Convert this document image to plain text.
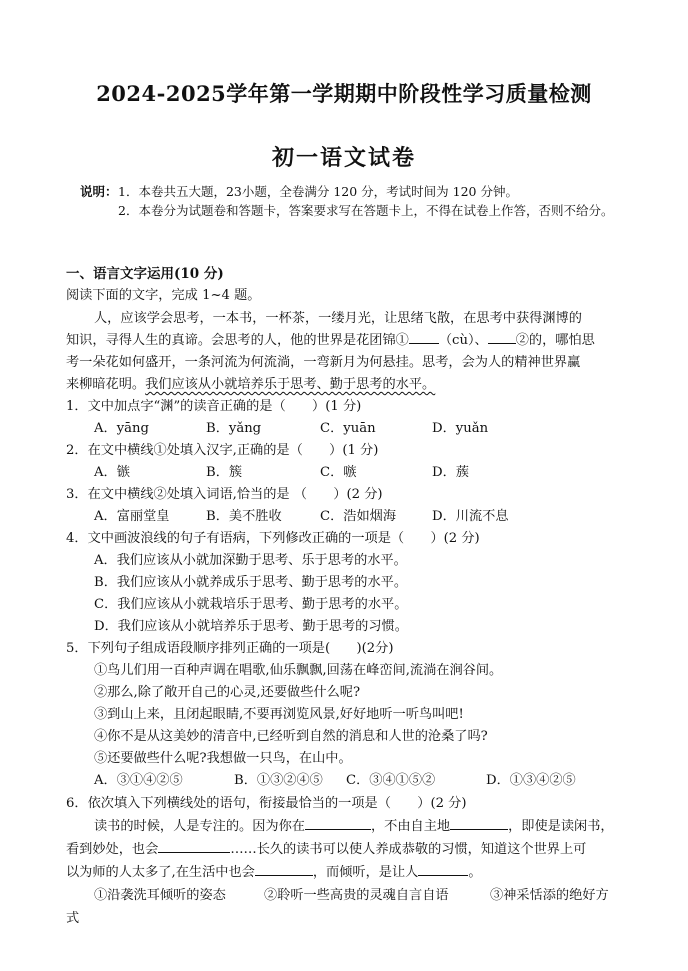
2024-2025学年第一学期期中阶段性学习质量检测
初一语文试卷
说明： 1．本卷共五大题，23小题，全卷满分 120 分，考试时间为 120 分钟。
2．本卷分为试题卷和答题卡，答案要求写在答题卡上，不得在试卷上作答，否则不给分。
一、语言文字运用(10 分)
阅读下面的文字，完成 1~4 题。
人，应该学会思考，一本书，一杯茶，一缕月光，让思绪飞散，在思考中获得渊博的
知识，寻得人生的真谛。会思考的人，他的世界是花团锦① （cù）、 ②的，哪怕思
考一朵花如何盛开，一条河流为何流淌，一弯新月为何悬挂。思考，会为人的精神世界赢
来柳暗花明。我们应该从小就培养乐于思考、勤于思考的水平。
1．文中加点字“渊”的读音正确的是（　　）(1 分)
A．yāng	B．yǎng	C．yuān	D．yuǎn
2．在文中横线①处填入汉字,正确的是（　　）(1 分)
A．镞	B．簇	C．嗾	D．蔟
3．在文中横线②处填入词语,恰当的是 （　　）(2 分)
A．富丽堂皇	B．美不胜收	C．浩如烟海	D．川流不息
4．文中画波浪线的句子有语病，下列修改正确的一项是（　　）(2 分)
A．我们应该从小就加深勤于思考、乐于思考的水平。
B．我们应该从小就养成乐于思考、勤于思考的水平。
C．我们应该从小就栽培乐于思考、勤于思考的水平。
D．我们应该从小就培养乐于思考、勤于思考的习惯。
5．下列句子组成语段顺序排列正确的一项是(　　)(2分)
①鸟儿们用一百种声调在唱歌,仙乐飘飘,回荡在峰峦间,流淌在涧谷间。
②那么,除了敞开自己的心灵,还要做些什么呢?
③到山上来，且闭起眼睛,不要再浏览风景,好好地听一听鸟叫吧!
④你不是从这美妙的清音中,已经听到自然的消息和人世的沧桑了吗?
⑤还要做些什么呢?我想做一只鸟，在山中。
A．③①④②⑤	B．①③②④⑤ C．③④①⑤②	D．①③④②⑤
6．依次填入下列横线处的语句，衔接最恰当的一项是（　　）(2 分)
读书的时候，人是专注的。因为你在	，不由自主地	，即使是读闲书，
看到妙处，也会	……长久的读书可以使人养成恭敬的习惯，知道这个世界上可
以为师的人太多了,在生活中也会	，而倾听，是让人	。
①沿袭洗耳倾听的姿态	②聆听一些高贵的灵魂自言自语	③神采恬添的绝好方
式
